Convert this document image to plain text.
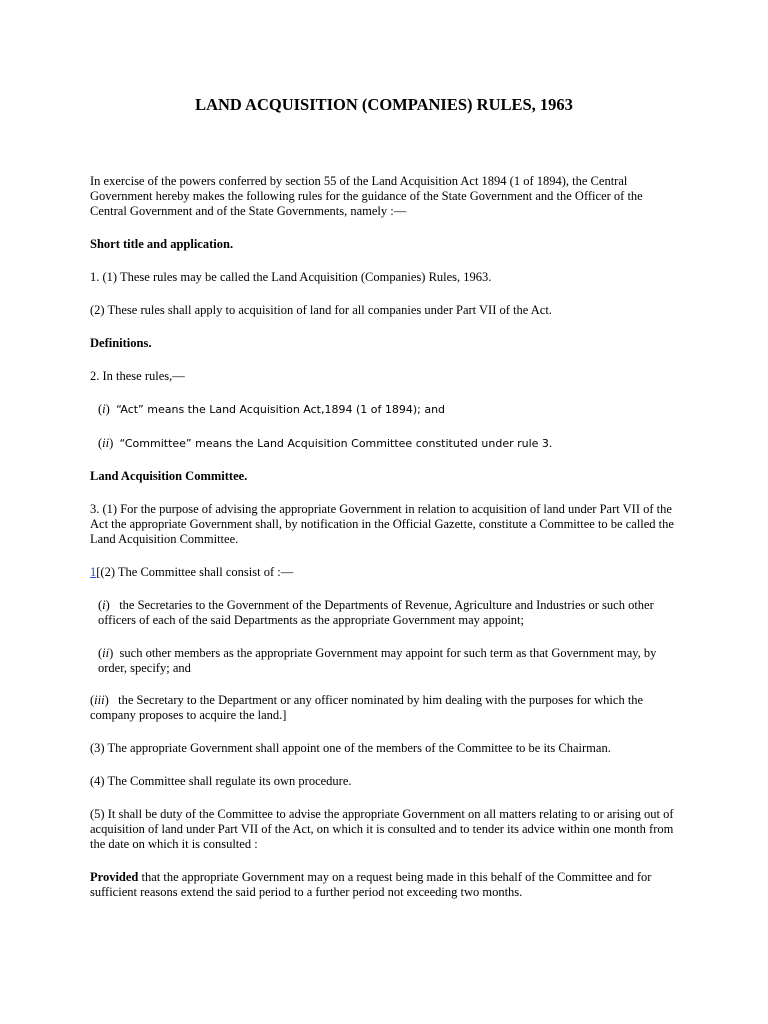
LAND ACQUISITION (COMPANIES) RULES, 1963

In exercise of the powers conferred by section 55 of the Land Acquisition Act 1894 (1 of 1894), the Central Government hereby makes the following rules for the guidance of the State Government and the Officer of the Central Government and of the State Governments, namely :—

Short title and application.

1. (1) These rules may be called the Land Acquisition (Companies) Rules, 1963.

(2) These rules shall apply to acquisition of land for all companies under Part VII of the Act.

Definitions.

2. In these rules,—

(i)  “Act” means the Land Acquisition Act,1894 (1 of 1894); and

(ii)  “Committee” means the Land Acquisition Committee constituted under rule 3.

Land Acquisition Committee.

3. (1) For the purpose of advising the appropriate Government in relation to acquisition of land under Part VII of the Act the appropriate Government shall, by notification in the Official Gazette, constitute a Committee to be called the Land Acquisition Committee.

1[(2) The Committee shall consist of :—

(i)   the Secretaries to the Government of the Departments of Revenue, Agriculture and Industries or such other officers of each of the said Departments as the appropriate Government may appoint;

(ii)  such other members as the appropriate Government may appoint for such term as that Government may, by order, specify; and

(iii)   the Secretary to the Department or any officer nominated by him dealing with the purposes for which the company proposes to acquire the land.]

(3) The appropriate Government shall appoint one of the members of the Committee to be its Chairman.

(4) The Committee shall regulate its own procedure.

(5) It shall be duty of the Committee to advise the appropriate Government on all matters relating to or arising out of acquisition of land under Part VII of the Act, on which it is consulted and to tender its advice within one month from the date on which it is consulted :

Provided that the appropriate Government may on a request being made in this behalf of the Committee and for sufficient reasons extend the said period to a further period not exceeding two months.
